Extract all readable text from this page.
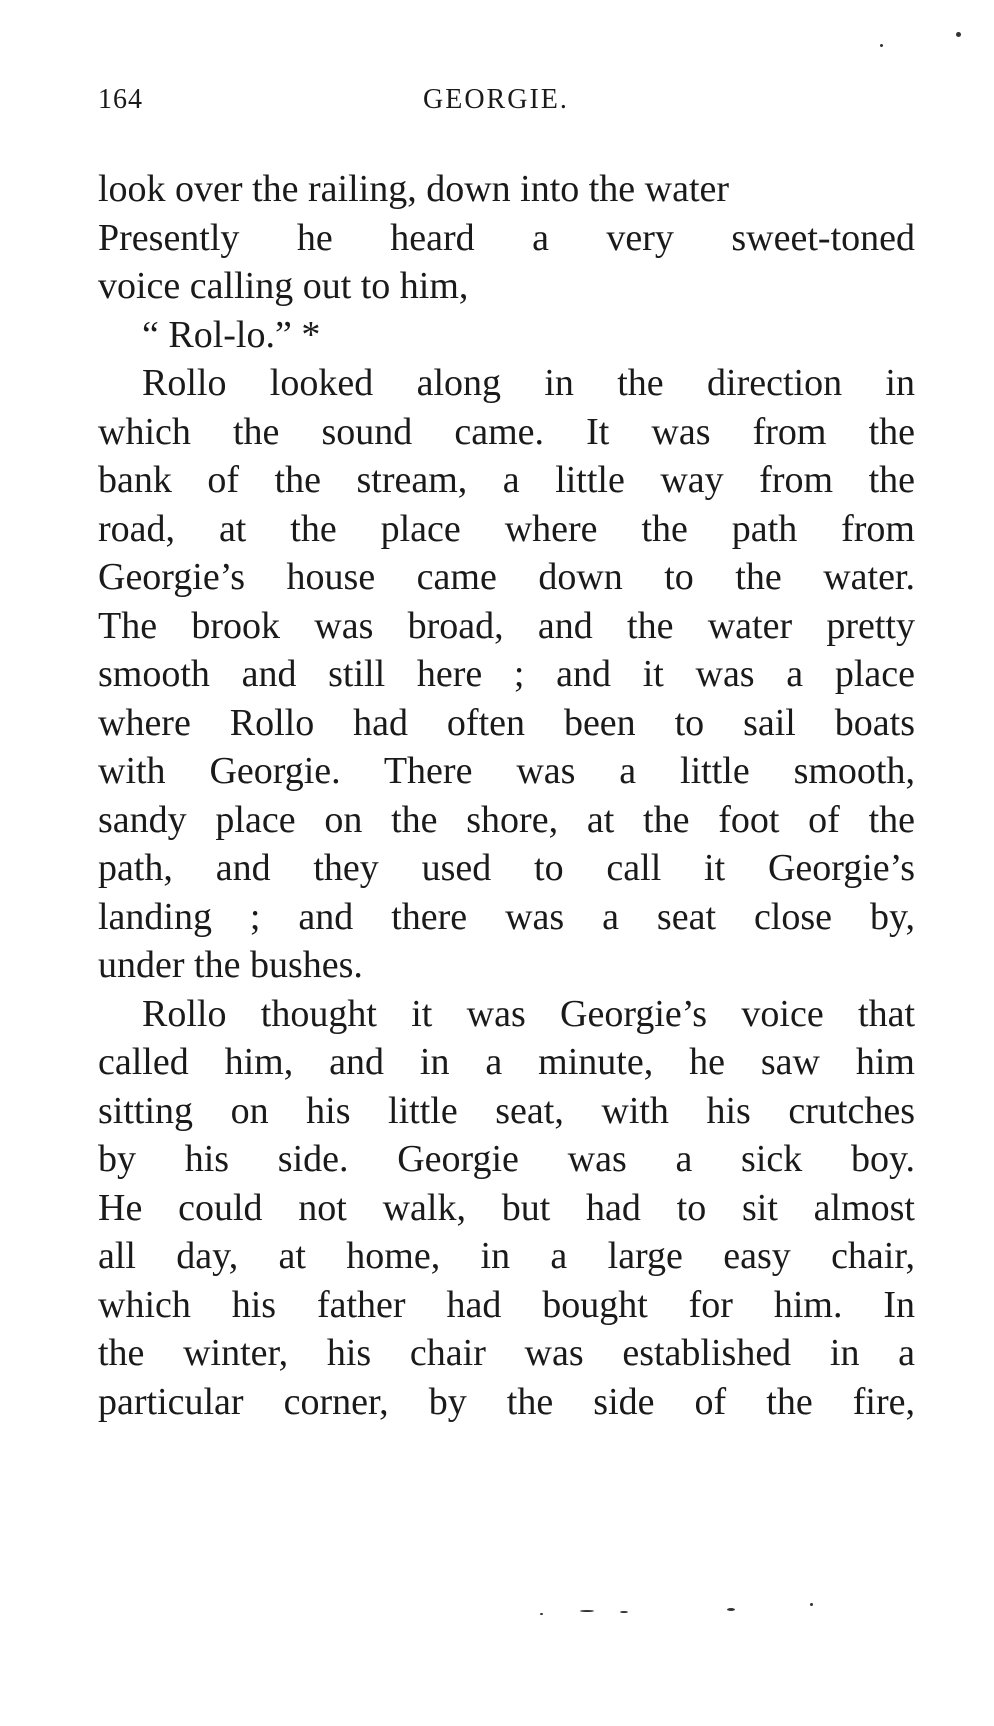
164	GEORGIE.
look over the railing, down into the water
Presently he heard a very sweet-toned
voice calling out to him,
“ Rol-lo.” *
Rollo looked along in the direction in
which the sound came. It was from the
bank of the stream, a little way from the
road, at the place where the path from
Georgie’s house came down to the water.
The brook was broad, and the water pretty
smooth and still here ; and it was a place
where Rollo had often been to sail boats
with Georgie. There was a little smooth,
sandy place on the shore, at the foot of the
path, and they used to call it Georgie’s
landing ; and there was a seat close by,
under the bushes.
Rollo thought it was Georgie’s voice that
called him, and in a minute, he saw him
sitting on his little seat, with his crutches
by his side. Georgie was a sick boy.
He could not walk, but had to sit almost
all day, at home, in a large easy chair,
which his father had bought for him. In
the winter, his chair was established in a
particular corner, by the side of the fire,
